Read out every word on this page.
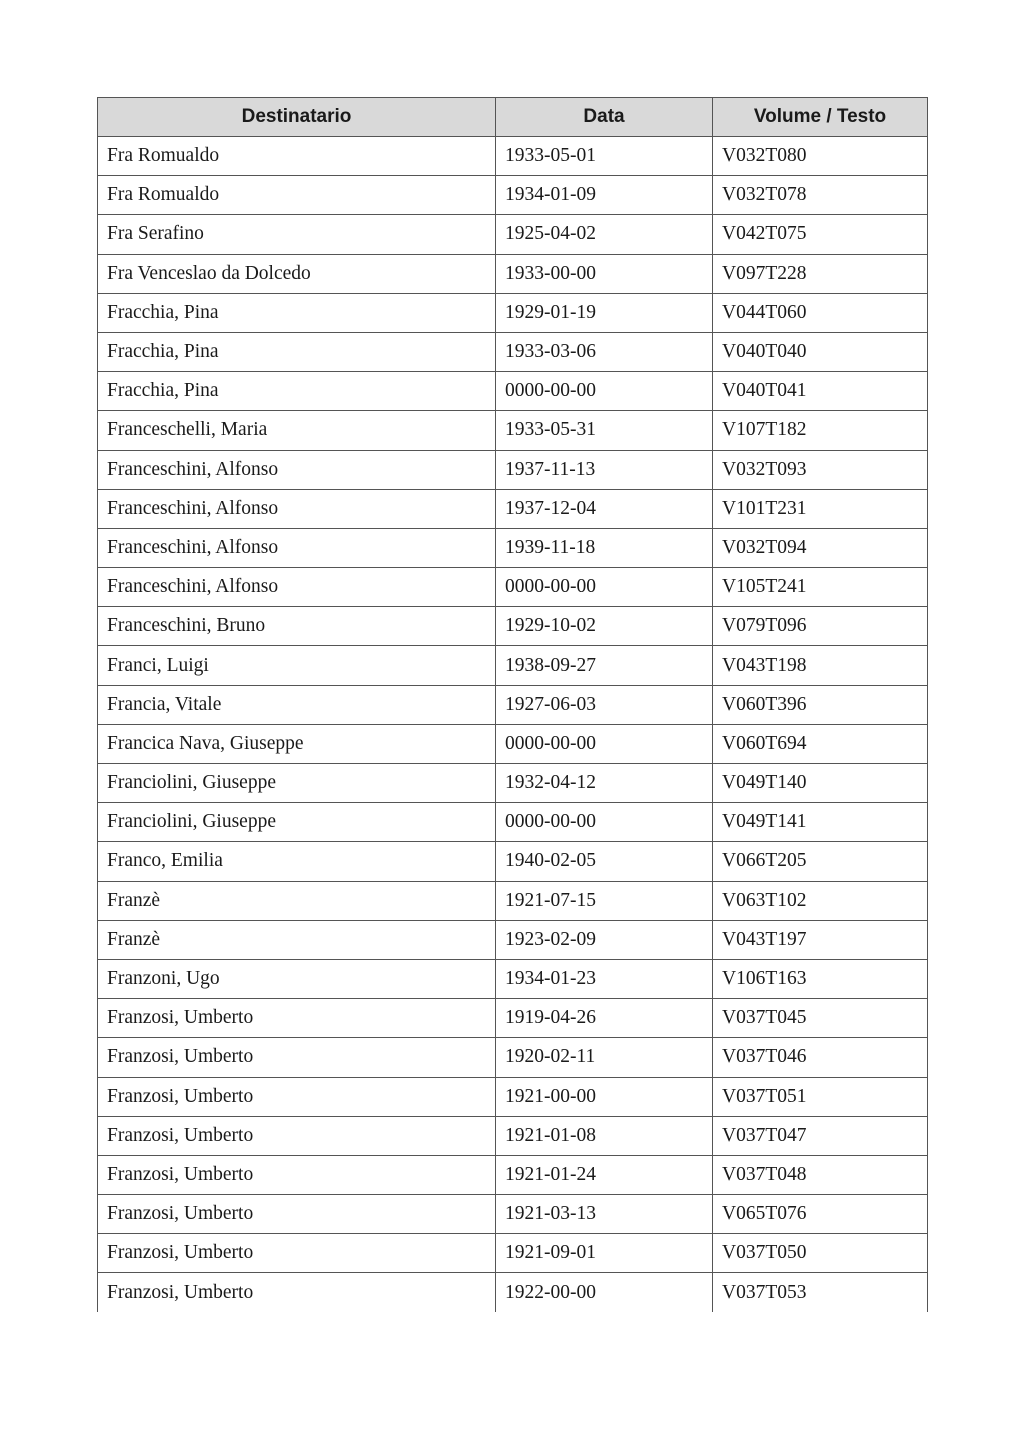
Destinatario	Data	Volume / Testo
Fra Romualdo	1933-05-01	V032T080
Fra Romualdo	1934-01-09	V032T078
Fra Serafino	1925-04-02	V042T075
Fra Venceslao da Dolcedo	1933-00-00	V097T228
Fracchia, Pina	1929-01-19	V044T060
Fracchia, Pina	1933-03-06	V040T040
Fracchia, Pina	0000-00-00	V040T041
Franceschelli, Maria	1933-05-31	V107T182
Franceschini, Alfonso	1937-11-13	V032T093
Franceschini, Alfonso	1937-12-04	V101T231
Franceschini, Alfonso	1939-11-18	V032T094
Franceschini, Alfonso	0000-00-00	V105T241
Franceschini, Bruno	1929-10-02	V079T096
Franci, Luigi	1938-09-27	V043T198
Francia, Vitale	1927-06-03	V060T396
Francica Nava, Giuseppe	0000-00-00	V060T694
Franciolini, Giuseppe	1932-04-12	V049T140
Franciolini, Giuseppe	0000-00-00	V049T141
Franco, Emilia	1940-02-05	V066T205
Franzè	1921-07-15	V063T102
Franzè	1923-02-09	V043T197
Franzoni, Ugo	1934-01-23	V106T163
Franzosi, Umberto	1919-04-26	V037T045
Franzosi, Umberto	1920-02-11	V037T046
Franzosi, Umberto	1921-00-00	V037T051
Franzosi, Umberto	1921-01-08	V037T047
Franzosi, Umberto	1921-01-24	V037T048
Franzosi, Umberto	1921-03-13	V065T076
Franzosi, Umberto	1921-09-01	V037T050
Franzosi, Umberto	1922-00-00	V037T053
